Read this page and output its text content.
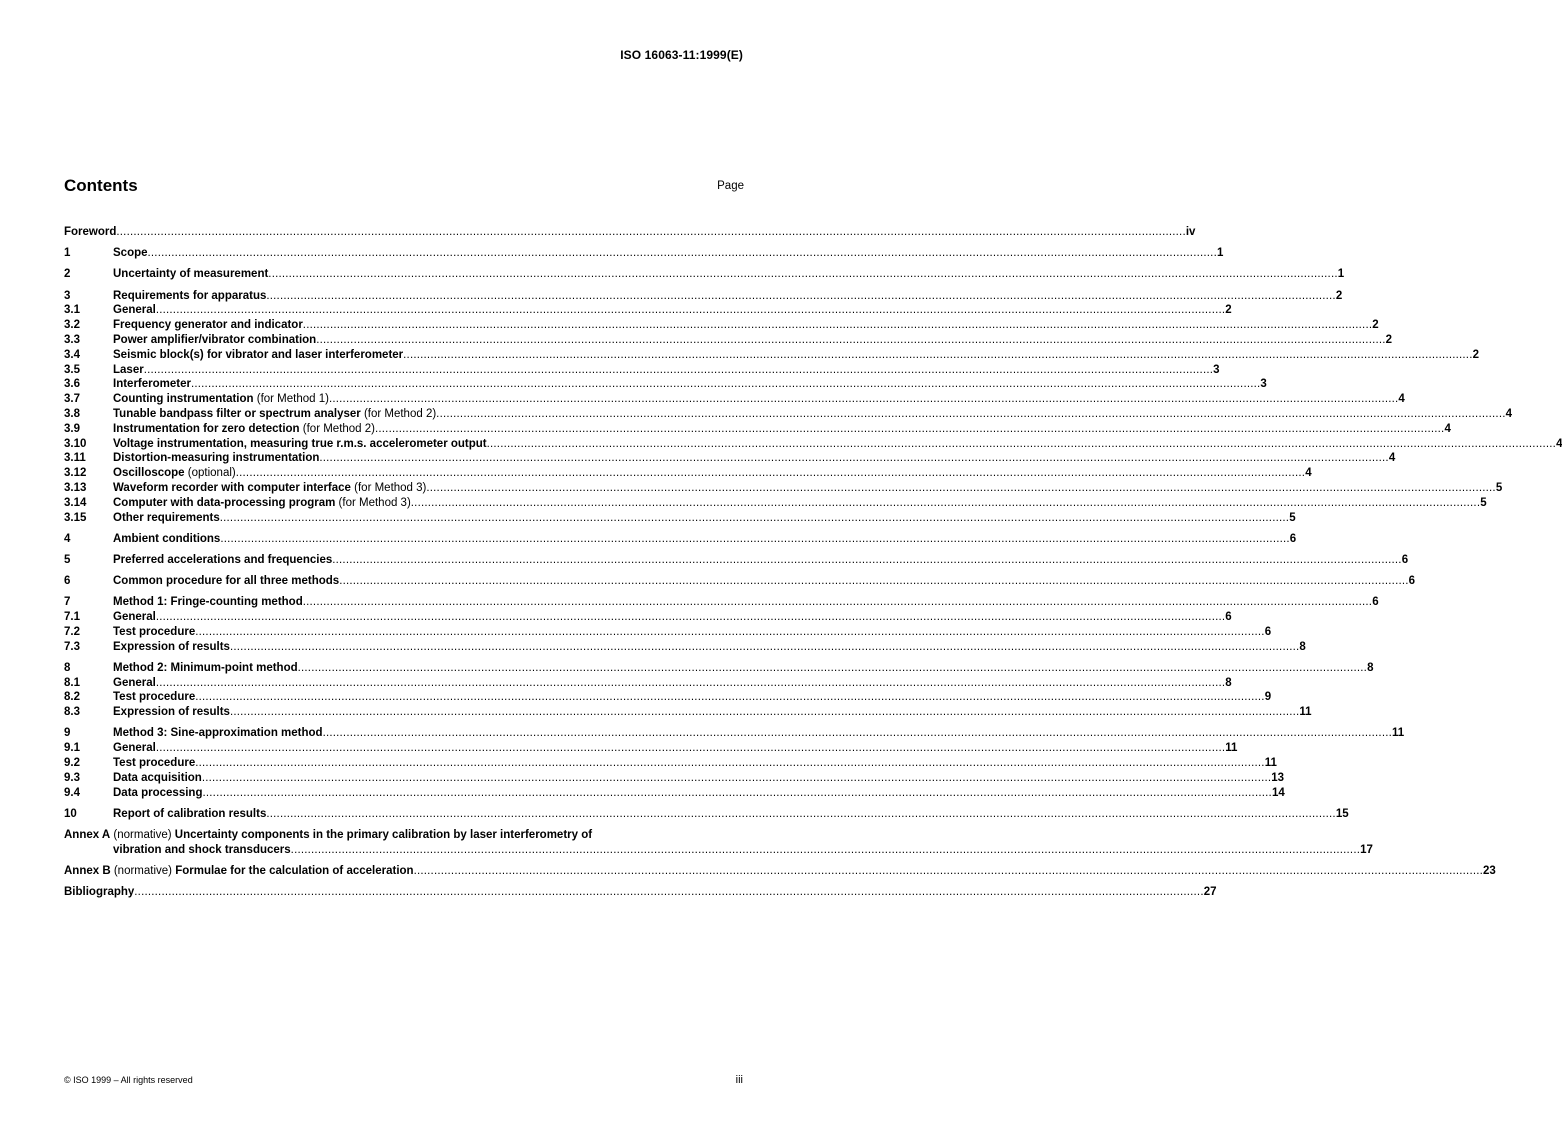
ISO 16063-11:1999(E)
Contents	Page
Foreword .....	iv
1	Scope .....	1
2	Uncertainty of measurement .....	1
3	Requirements for apparatus .....	2
3.1	General .....	2
3.2	Frequency generator and indicator .....	2
3.3	Power amplifier/vibrator combination .....	2
3.4	Seismic block(s) for vibrator and laser interferometer .....	2
3.5	Laser .....	3
3.6	Interferometer .....	3
3.7	Counting instrumentation (for Method 1) .....	4
3.8	Tunable bandpass filter or spectrum analyser (for Method 2) .....	4
3.9	Instrumentation for zero detection (for Method 2) .....	4
3.10	Voltage instrumentation, measuring true r.m.s. accelerometer output .....	4
3.11	Distortion-measuring instrumentation .....	4
3.12	Oscilloscope (optional) .....	4
3.13	Waveform recorder with computer interface (for Method 3) .....	5
3.14	Computer with data-processing program (for Method 3) .....	5
3.15	Other requirements .....	5
4	Ambient conditions .....	6
5	Preferred accelerations and frequencies .....	6
6	Common procedure for all three methods .....	6
7	Method 1: Fringe-counting method .....	6
7.1	General .....	6
7.2	Test procedure .....	6
7.3	Expression of results .....	8
8	Method 2: Minimum-point method .....	8
8.1	General .....	8
8.2	Test procedure .....	9
8.3	Expression of results .....	11
9	Method 3: Sine-approximation method .....	11
9.1	General .....	11
9.2	Test procedure .....	11
9.3	Data acquisition .....	13
9.4	Data processing .....	14
10	Report of calibration results .....	15
Annex A (normative) Uncertainty components in the primary calibration by laser interferometry of
vibration and shock transducers .....	17
Annex B (normative) Formulae for the calculation of acceleration .....	23
Bibliography .....	27
© ISO 1999 – All rights reserved	iii
